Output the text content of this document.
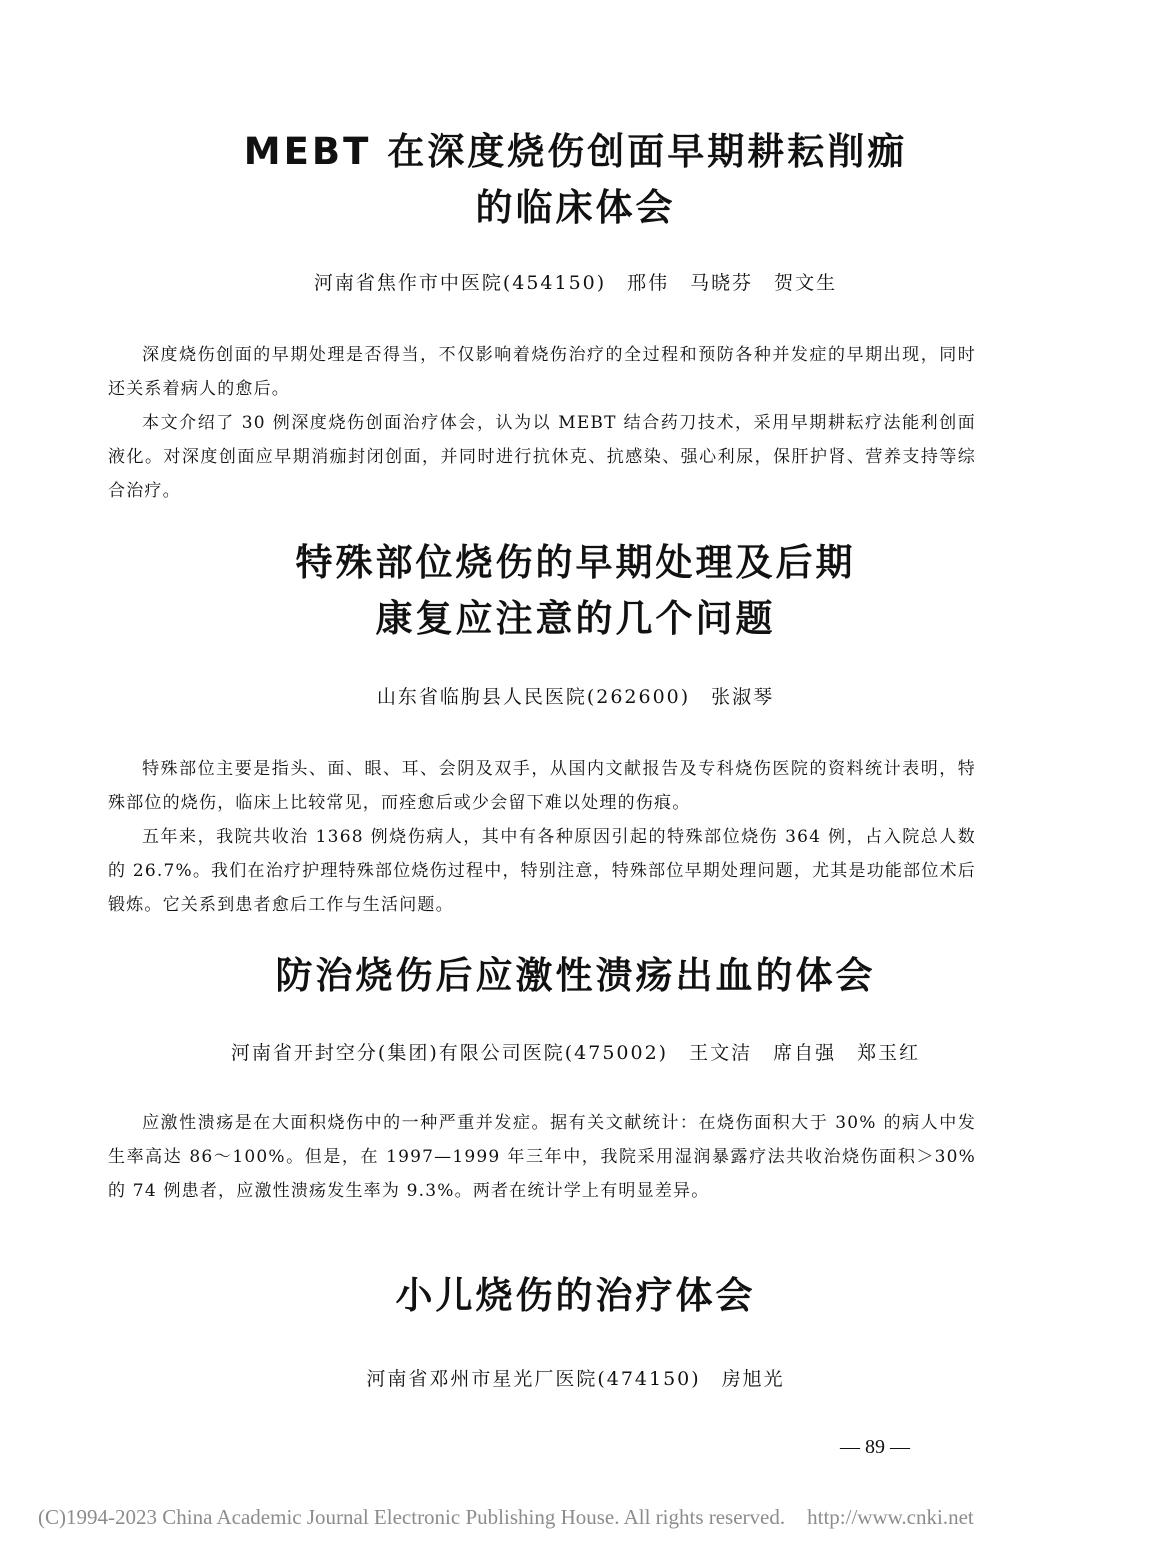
MEBT 在深度烧伤创面早期耕耘削痂
的临床体会
河南省焦作市中医院(454150)　邢伟　马晓芬　贺文生

深度烧伤创面的早期处理是否得当，不仅影响着烧伤治疗的全过程和预防各种并发症的早期出现，同时还关系着病人的愈后。

本文介绍了 30 例深度烧伤创面治疗体会，认为以 MEBT 结合药刀技术，采用早期耕耘疗法能利创面液化。对深度创面应早期消痂封闭创面，并同时进行抗休克、抗感染、强心利尿，保肝护肾、营养支持等综合治疗。

特殊部位烧伤的早期处理及后期
康复应注意的几个问题
山东省临朐县人民医院(262600)　张淑琴

特殊部位主要是指头、面、眼、耳、会阴及双手，从国内文献报告及专科烧伤医院的资料统计表明，特殊部位的烧伤，临床上比较常见，而痊愈后或少会留下难以处理的伤痕。

五年来，我院共收治 1368 例烧伤病人，其中有各种原因引起的特殊部位烧伤 364 例，占入院总人数的 26.7%。我们在治疗护理特殊部位烧伤过程中，特别注意，特殊部位早期处理问题，尤其是功能部位术后锻炼。它关系到患者愈后工作与生活问题。

防治烧伤后应激性溃疡出血的体会
河南省开封空分(集团)有限公司医院(475002)　王文洁　席自强　郑玉红

应激性溃疡是在大面积烧伤中的一种严重并发症。据有关文献统计：在烧伤面积大于 30% 的病人中发生率高达 86～100%。但是，在 1997—1999 年三年中，我院采用湿润暴露疗法共收治烧伤面积＞30% 的 74 例患者，应激性溃疡发生率为 9.3%。两者在统计学上有明显差异。

小儿烧伤的治疗体会
河南省邓州市星光厂医院(474150)　房旭光
— 89 —
(C)1994-2023 China Academic Journal Electronic Publishing House. All rights reserved. http://www.cnki.net
